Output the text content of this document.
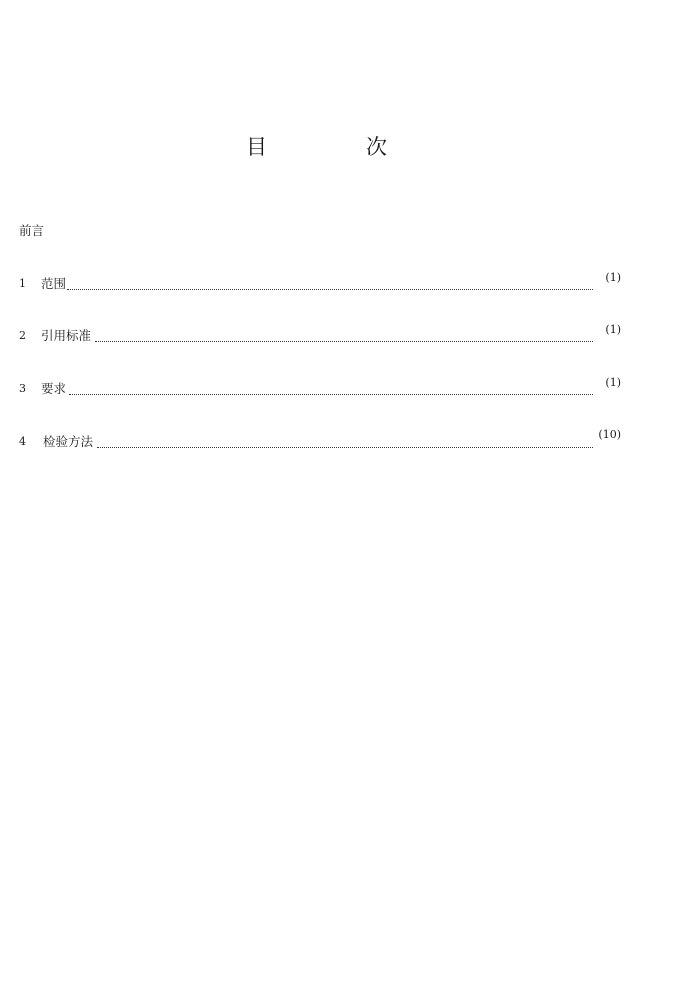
目	次
前言
1	范围	(1)
2	引用标准	(1)
3	要求	(1)
4	检验方法	(10)
